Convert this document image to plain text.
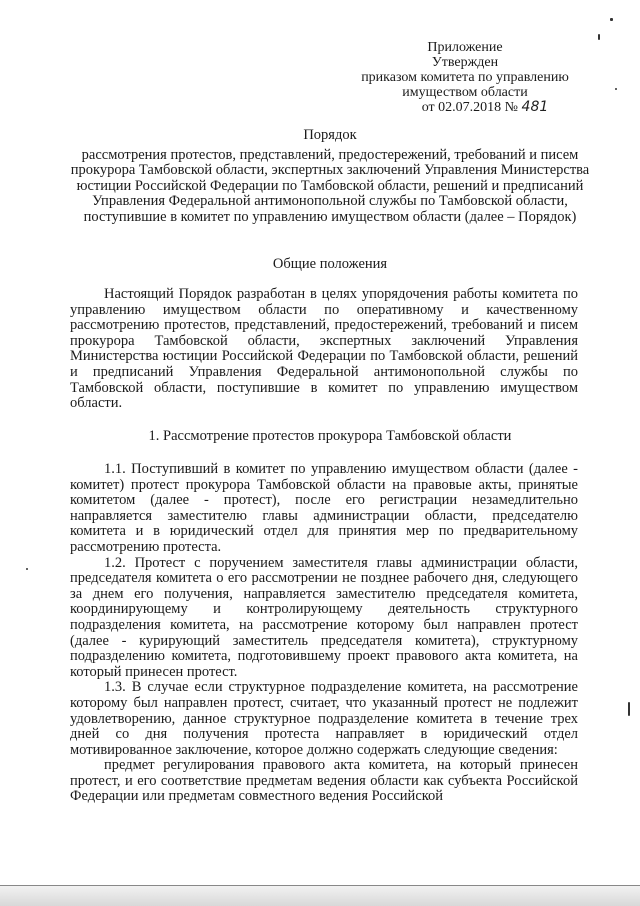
Приложение
Утвержден
приказом комитета по управлению
имуществом области
от 02.07.2018 № 481
Порядок
рассмотрения протестов, представлений, предостережений, требований и писем прокурора Тамбовской области, экспертных заключений Управления Министерства юстиции Российской Федерации по Тамбовской области, решений и предписаний Управления Федеральной антимонопольной службы по Тамбовской области, поступившие в комитет по управлению имуществом области (далее – Порядок)
Общие положения

Настоящий Порядок разработан в целях упорядочения работы комитета по управлению имуществом области по оперативному и качественному рассмотрению протестов, представлений, предостережений, требований и писем прокурора Тамбовской области, экспертных заключений Управления Министерства юстиции Российской Федерации по Тамбовской области, решений и предписаний Управления Федеральной антимонопольной службы по Тамбовской области, поступившие в комитет по управлению имуществом области.

1. Рассмотрение протестов прокурора Тамбовской области

1.1. Поступивший в комитет по управлению имуществом области (далее - комитет) протест прокурора Тамбовской области на правовые акты, принятые комитетом (далее - протест), после его регистрации незамедлительно направляется заместителю главы администрации области, председателю комитета и в юридический отдел для принятия мер по предварительному рассмотрению протеста.

1.2. Протест с поручением заместителя главы администрации области, председателя комитета о его рассмотрении не позднее рабочего дня, следующего за днем его получения, направляется заместителю председателя комитета, координирующему и контролирующему деятельность структурного подразделения комитета, на рассмотрение которому был направлен протест (далее - курирующий заместитель председателя комитета), структурному подразделению комитета, подготовившему проект правового акта комитета, на который принесен протест.

1.3. В случае если структурное подразделение комитета, на рассмотрение которому был направлен протест, считает, что указанный протест не подлежит удовлетворению, данное структурное подразделение комитета в течение трех дней со дня получения протеста направляет в юридический отдел мотивированное заключение, которое должно содержать следующие сведения:

предмет регулирования правового акта комитета, на который принесен протест, и его соответствие предметам ведения области как субъекта Российской Федерации или предметам совместного ведения Российской
